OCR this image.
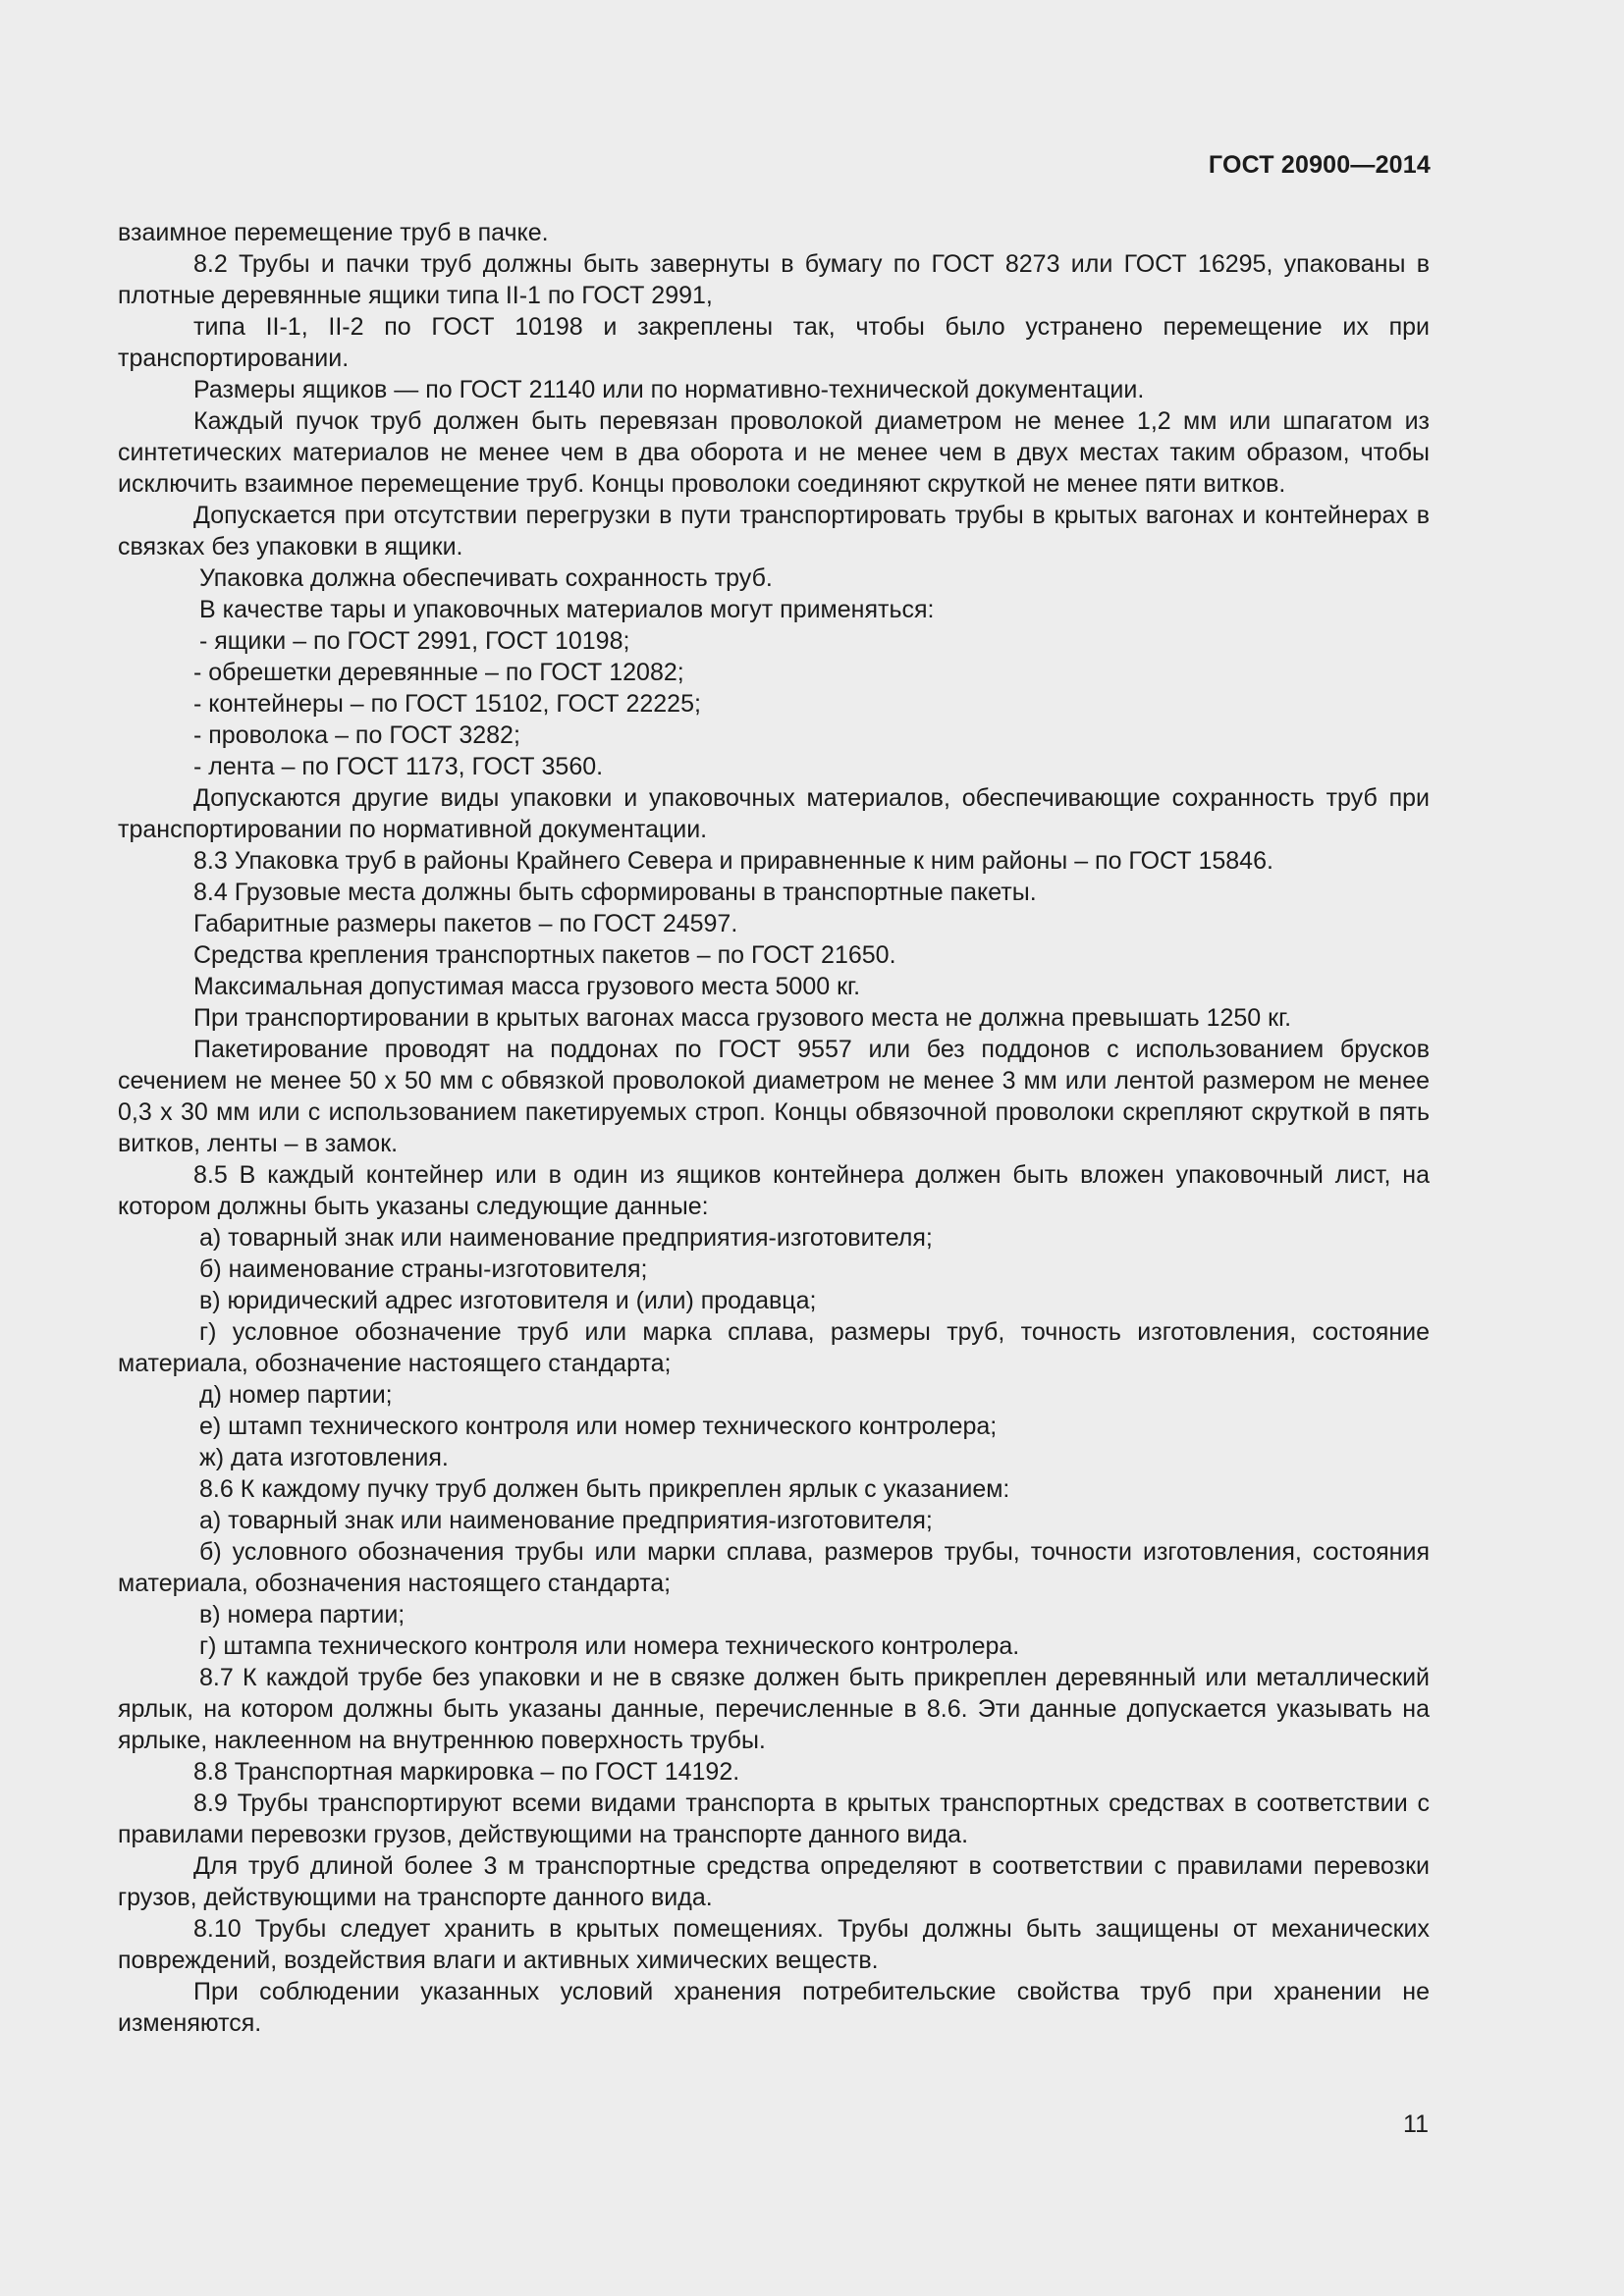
ГОСТ 20900—2014

взаимное перемещение труб в пачке.

8.2 Трубы и пачки труб должны быть завернуты в бумагу по ГОСТ 8273 или ГОСТ 16295, упакованы в плотные деревянные ящики типа II-1 по ГОСТ 2991,

типа II-1, II-2 по ГОСТ 10198 и закреплены так, чтобы было устранено перемещение их при транспортировании.

Размеры ящиков — по ГОСТ 21140 или по нормативно-технической документации.

Каждый пучок труб должен быть перевязан проволокой диаметром не менее 1,2 мм или шпагатом из синтетических материалов не менее чем в два оборота и не менее чем в двух местах таким образом, чтобы исключить взаимное перемещение труб. Концы проволоки соединяют скруткой не менее пяти витков.

Допускается при отсутствии перегрузки в пути транспортировать трубы в крытых вагонах и контейнерах в связках без упаковки в ящики.

Упаковка должна обеспечивать сохранность труб.

В качестве тары и упаковочных материалов могут применяться:

- ящики – по ГОСТ 2991, ГОСТ 10198;

- обрешетки деревянные – по ГОСТ 12082;

- контейнеры – по ГОСТ 15102, ГОСТ 22225;

- проволока – по ГОСТ 3282;

- лента – по ГОСТ 1173, ГОСТ 3560.

Допускаются другие виды упаковки и упаковочных материалов, обеспечивающие сохранность труб при транспортировании по нормативной документации.

8.3 Упаковка труб в районы Крайнего Севера и приравненные к ним районы – по ГОСТ 15846.

8.4 Грузовые места должны быть сформированы в транспортные пакеты.

Габаритные размеры пакетов – по ГОСТ 24597.

Средства крепления транспортных пакетов – по ГОСТ 21650.

Максимальная допустимая масса грузового места 5000 кг.

При транспортировании в крытых вагонах масса грузового места не должна превышать 1250 кг.

Пакетирование проводят на поддонах по ГОСТ 9557 или без поддонов с использованием брусков сечением не менее 50 х 50 мм с обвязкой проволокой диаметром не менее 3 мм или лентой размером не менее 0,3 х 30 мм или с использованием пакетируемых строп. Концы обвязочной проволоки скрепляют скруткой в пять витков, ленты – в замок.

8.5 В каждый контейнер или в один из ящиков контейнера должен быть вложен упаковочный лист, на котором должны быть указаны следующие данные:

а) товарный знак или наименование предприятия-изготовителя;

б) наименование страны-изготовителя;

в) юридический адрес изготовителя и (или) продавца;

г) условное обозначение труб или марка сплава, размеры труб, точность изготовления, состояние материала, обозначение настоящего стандарта;

д) номер партии;

е) штамп технического контроля или номер технического контролера;

ж) дата изготовления.

8.6 К каждому пучку труб должен быть прикреплен ярлык с указанием:

а) товарный знак или наименование предприятия-изготовителя;

б) условного обозначения трубы или марки сплава, размеров трубы, точности изготовления, состояния материала, обозначения настоящего стандарта;

в) номера партии;

г) штампа технического контроля или номера технического контролера.

8.7 К каждой трубе без упаковки и не в связке должен быть прикреплен деревянный или металлический ярлык, на котором должны быть указаны данные, перечисленные в 8.6. Эти данные допускается указывать на ярлыке, наклеенном на внутреннюю поверхность трубы.

8.8 Транспортная маркировка – по ГОСТ 14192.

8.9 Трубы транспортируют всеми видами транспорта в крытых транспортных средствах в соответствии с правилами перевозки грузов, действующими на транспорте данного вида.

Для труб длиной более 3 м транспортные средства определяют в соответствии с правилами перевозки грузов, действующими на транспорте данного вида.

8.10 Трубы следует хранить в крытых помещениях. Трубы должны быть защищены от механических повреждений, воздействия влаги и активных химических веществ.

При соблюдении указанных условий хранения потребительские свойства труб при хранении не изменяются.

11
